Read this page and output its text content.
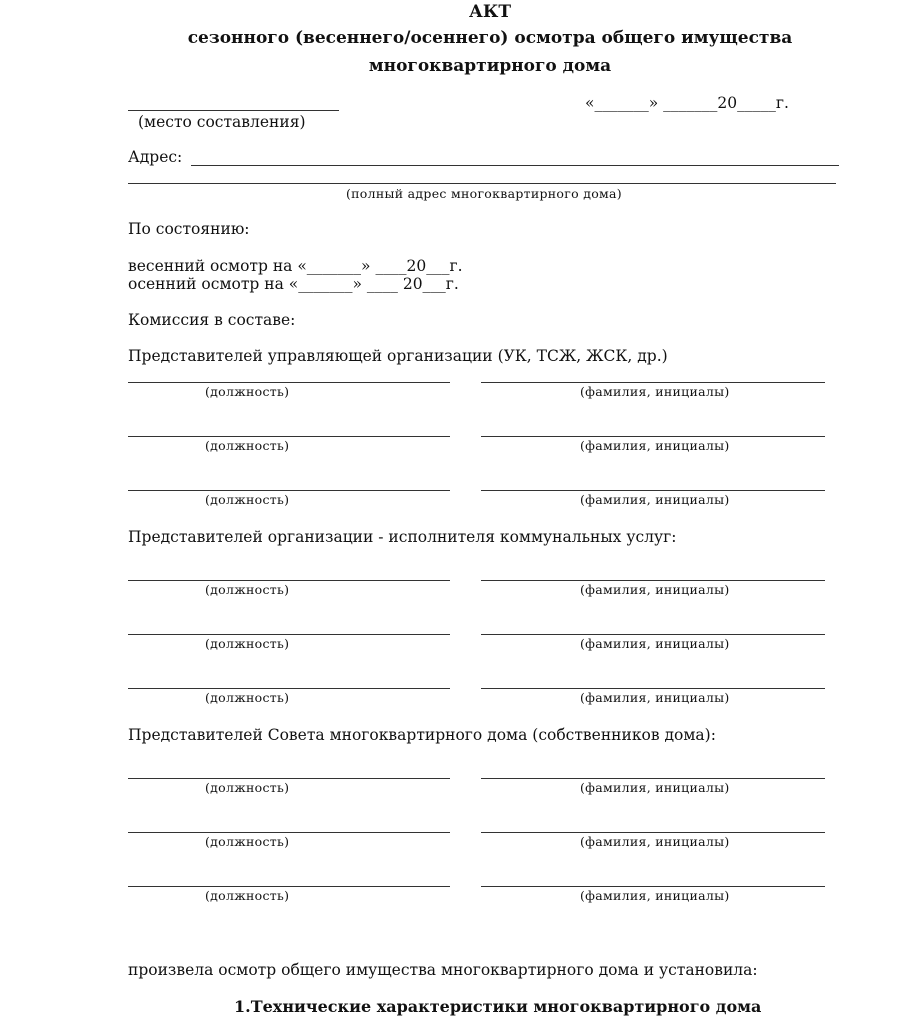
АКТ
сезонного (весеннего/осеннего) осмотра общего имущества
многоквартирного дома
(место составления)
«_______» _______20_____г.
Адрес:
(полный адрес многоквартирного дома)
По состоянию:
весенний осмотр на «_______» ____20___г.
осенний осмотр на «_______» ____ 20___г.
Комиссия в составе:
Представителей управляющей организации (УК, ТСЖ, ЖСК, др.)
(должность)	(фамилия, инициалы)
(должность)	(фамилия, инициалы)
(должность)	(фамилия, инициалы)
(должность)	(фамилия, инициалы)
(должность)	(фамилия, инициалы)
(должность)	(фамилия, инициалы)
(должность)	(фамилия, инициалы)
(должность)	(фамилия, инициалы)
(должность)	(фамилия, инициалы)
Представителей организации - исполнителя коммунальных услуг:
Представителей Совета многоквартирного дома (собственников дома):
произвела осмотр общего имущества многоквартирного дома и установила:
1.Технические характеристики многоквартирного дома
